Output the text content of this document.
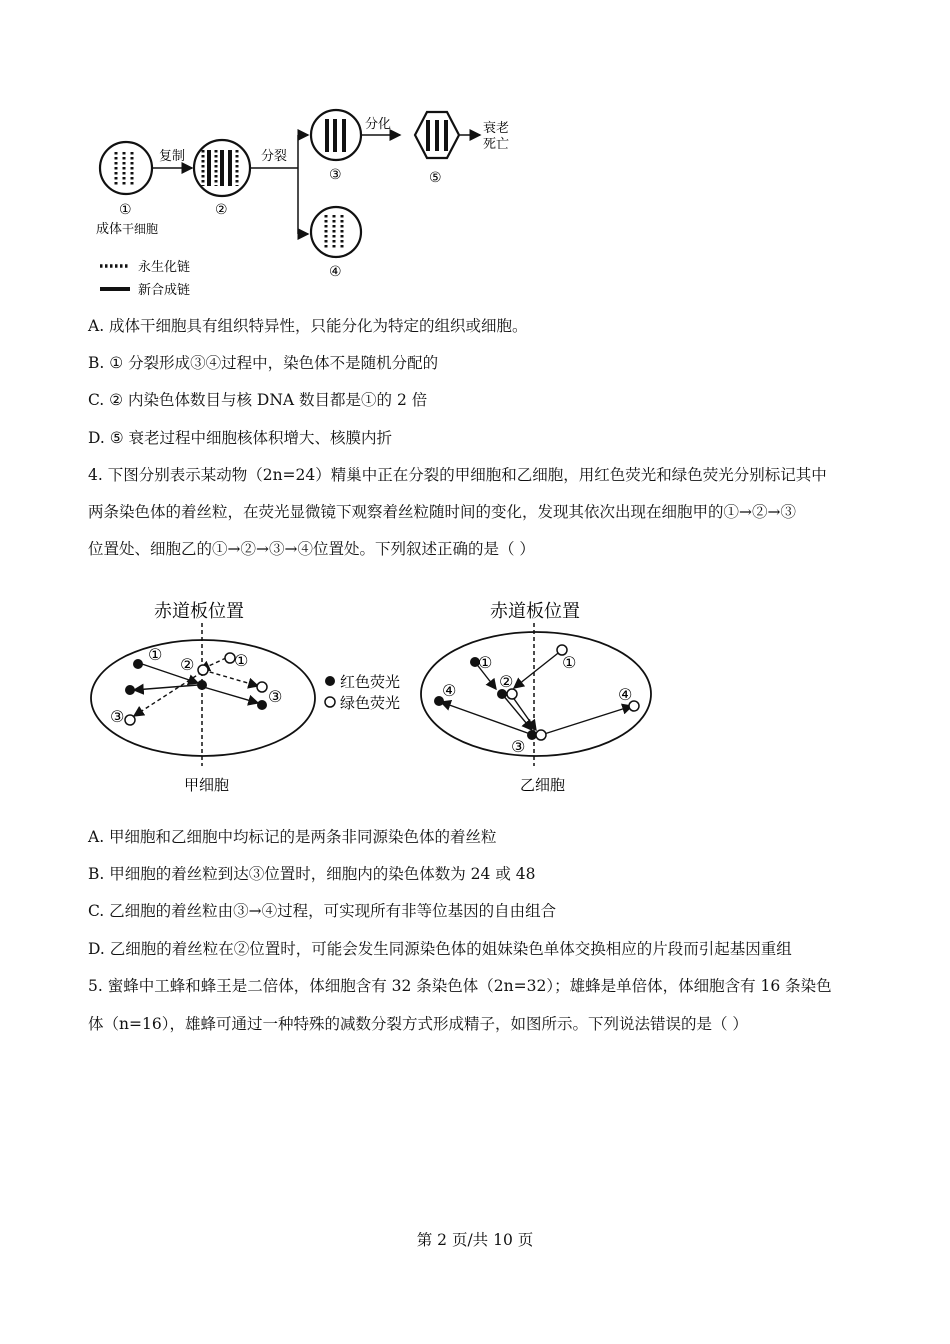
复制	分裂
分化	衰老
死亡
①	②
③	⑤
④
成体干细胞
永生化链
新合成链
A. 成体干细胞具有组织特异性，只能分化为特定的组织或细胞。
B. ① 分裂形成③④过程中，染色体不是随机分配的
C. ② 内染色体数目与核 DNA 数目都是①的 2 倍
D. ⑤ 衰老过程中细胞核体积增大、核膜内折
4. 下图分别表示某动物（2n=24）精巢中正在分裂的甲细胞和乙细胞，用红色荧光和绿色荧光分别标记其中
两条染色体的着丝粒，在荧光显微镜下观察着丝粒随时间的变化，发现其依次出现在细胞甲的①→②→③
位置处、细胞乙的①→②→③→④位置处。下列叙述正确的是（ ）
赤道板位置
甲细胞
①
② ①
③
③
红色荧光
绿色荧光
赤道板位置
乙细胞
①	①
②
③
④	④
A. 甲细胞和乙细胞中均标记的是两条非同源染色体的着丝粒
B. 甲细胞的着丝粒到达③位置时，细胞内的染色体数为 24 或 48
C. 乙细胞的着丝粒由③→④过程，可实现所有非等位基因的自由组合
D. 乙细胞的着丝粒在②位置时，可能会发生同源染色体的姐妹染色单体交换相应的片段而引起基因重组
5. 蜜蜂中工蜂和蜂王是二倍体，体细胞含有 32 条染色体（2n=32）；雄蜂是单倍体，体细胞含有 16 条染色
体（n=16），雄蜂可通过一种特殊的减数分裂方式形成精子，如图所示。下列说法错误的是（ ）
第 2 页/共 10 页
